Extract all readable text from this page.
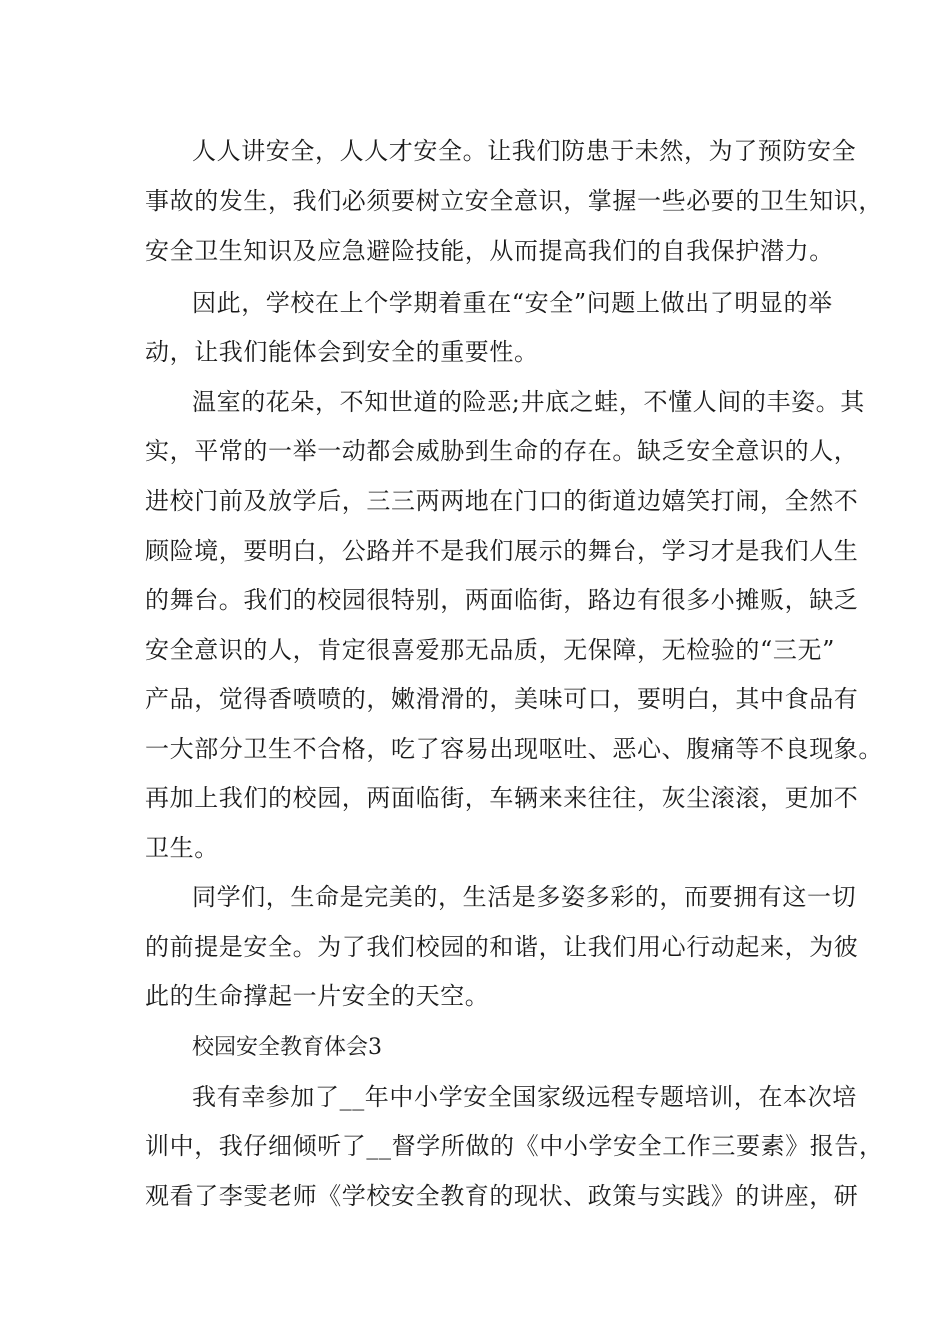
人人讲安全，人人才安全。让我们防患于未然，为了预防安全
事故的发生，我们必须要树立安全意识，掌握一些必要的卫生知识，
安全卫生知识及应急避险技能，从而提高我们的自我保护潜力。
因此，学校在上个学期着重在“安全”问题上做出了明显的举
动，让我们能体会到安全的重要性。
温室的花朵，不知世道的险恶;井底之蛙，不懂人间的丰姿。其
实，平常的一举一动都会威胁到生命的存在。缺乏安全意识的人，
进校门前及放学后，三三两两地在门口的街道边嬉笑打闹，全然不
顾险境，要明白，公路并不是我们展示的舞台，学习才是我们人生
的舞台。我们的校园很特别，两面临街，路边有很多小摊贩，缺乏
安全意识的人，肯定很喜爱那无品质，无保障，无检验的“三无”
产品，觉得香喷喷的，嫩滑滑的，美味可口，要明白，其中食品有
一大部分卫生不合格，吃了容易出现呕吐、恶心、腹痛等不良现象。
再加上我们的校园，两面临街，车辆来来往往，灰尘滚滚，更加不
卫生。
同学们，生命是完美的，生活是多姿多彩的，而要拥有这一切
的前提是安全。为了我们校园的和谐，让我们用心行动起来，为彼
此的生命撑起一片安全的天空。
校园安全教育体会3
我有幸参加了__年中小学安全国家级远程专题培训，在本次培
训中，我仔细倾听了__督学所做的《中小学安全工作三要素》报告，
观看了李雯老师《学校安全教育的现状、政策与实践》的讲座，研
